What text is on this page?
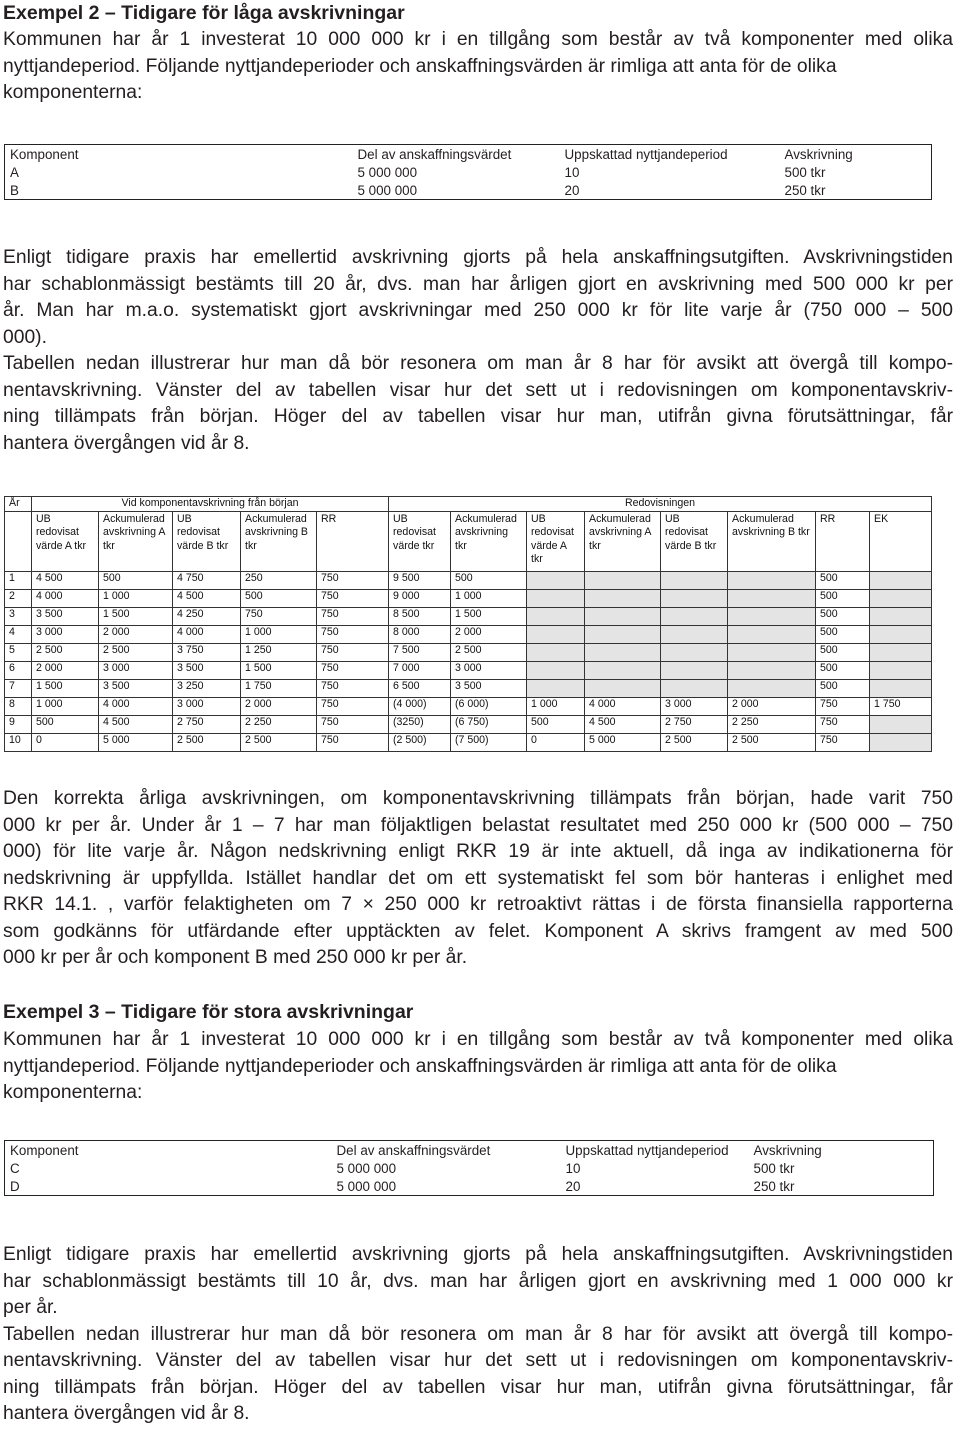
Exempel 2 – Tidigare för låga avskrivningar
Kommunen har år 1 investerat 10 000 000 kr i en tillgång som består av två komponenter med olika
nyttjandeperiod. Följande nyttjandeperioder och anskaffningsvärden är rimliga att anta för de olika
komponenterna:
Komponent	Del av anskaffningsvärdet	Uppskattad nyttjandeperiod	Avskrivning
A	5 000 000	10	500 tkr
B	5 000 000	20	250 tkr
Enligt tidigare praxis har emellertid avskrivning gjorts på hela anskaffningsutgiften. Avskrivningstiden
har schablonmässigt bestämts till 20 år, dvs. man har årligen gjort en avskrivning med 500 000 kr per
år. Man har m.a.o. systematiskt gjort avskrivningar med 250 000 kr för lite varje år (750 000 – 500
000).
Tabellen nedan illustrerar hur man då bör resonera om man år 8 har för avsikt att övergå till kompo-
nentavskrivning. Vänster del av tabellen visar hur det sett ut i redovisningen om komponentavskriv-
ning tillämpats från början. Höger del av tabellen visar hur man, utifrån givna förutsättningar, får
hantera övergången vid år 8.
År	Vid komponentavskrivning från början					Redovisningen							

	UB
redovisat
värde A tkr	Ackumulerad
avskrivning A
tkr	UB
redovisat
värde B tkr	Ackumulerad
avskrivning B
tkr	RR	UB
redovisat
värde tkr	Ackumulerad
avskrivning
tkr	UB
redovisat
värde A
tkr	Ackumulerad
avskrivning A
tkr	UB
redovisat
värde B tkr	Ackumulerad
avskrivning B tkr	RR	EK

1	4 500	500	4 750	250	750	9 500	500					500	
2	4 000	1 000	4 500	500	750	9 000	1 000					500	
3	3 500	1 500	4 250	750	750	8 500	1 500					500	
4	3 000	2 000	4 000	1 000	750	8 000	2 000					500	
5	2 500	2 500	3 750	1 250	750	7 500	2 500					500	
6	2 000	3 000	3 500	1 500	750	7 000	3 000					500	
7	1 500	3 500	3 250	1 750	750	6 500	3 500					500	
8	1 000	4 000	3 000	2 000	750	(4 000)	(6 000)	1 000	4 000	3 000	2 000	750	1 750
9	500	4 500	2 750	2 250	750	(3250)	(6 750)	500	4 500	2 750	2 250	750	
10	0	5 000	2 500	2 500	750	(2 500)	(7 500)	0	5 000	2 500	2 500	750	
Den korrekta årliga avskrivningen, om komponentavskrivning tillämpats från början, hade varit 750
000 kr per år. Under år 1 – 7 har man följaktligen belastat resultatet med 250 000 kr (500 000 – 750
000) för lite varje år. Någon nedskrivning enligt RKR 19 är inte aktuell, då inga av indikationerna för
nedskrivning är uppfyllda. Istället handlar det om ett systematiskt fel som bör hanteras i enlighet med
RKR 14.1. , varför felaktigheten om 7 × 250 000 kr retroaktivt rättas i de första finansiella rapporterna
som godkänns för utfärdande efter upptäckten av felet. Komponent A skrivs framgent av med 500
000 kr per år och komponent B med 250 000 kr per år.
Exempel 3 – Tidigare för stora avskrivningar
Kommunen har år 1 investerat 10 000 000 kr i en tillgång som består av två komponenter med olika
nyttjandeperiod. Följande nyttjandeperioder och anskaffningsvärden är rimliga att anta för de olika
komponenterna:
Komponent	Del av anskaffningsvärdet	Uppskattad nyttjandeperiod	Avskrivning
C	5 000 000	10	500 tkr
D	5 000 000	20	250 tkr
Enligt tidigare praxis har emellertid avskrivning gjorts på hela anskaffningsutgiften. Avskrivningstiden
har schablonmässigt bestämts till 10 år, dvs. man har årligen gjort en avskrivning med 1 000 000 kr
per år.
Tabellen nedan illustrerar hur man då bör resonera om man år 8 har för avsikt att övergå till kompo-
nentavskrivning. Vänster del av tabellen visar hur det sett ut i redovisningen om komponentavskriv-
ning tillämpats från början. Höger del av tabellen visar hur man, utifrån givna förutsättningar, får
hantera övergången vid år 8.
